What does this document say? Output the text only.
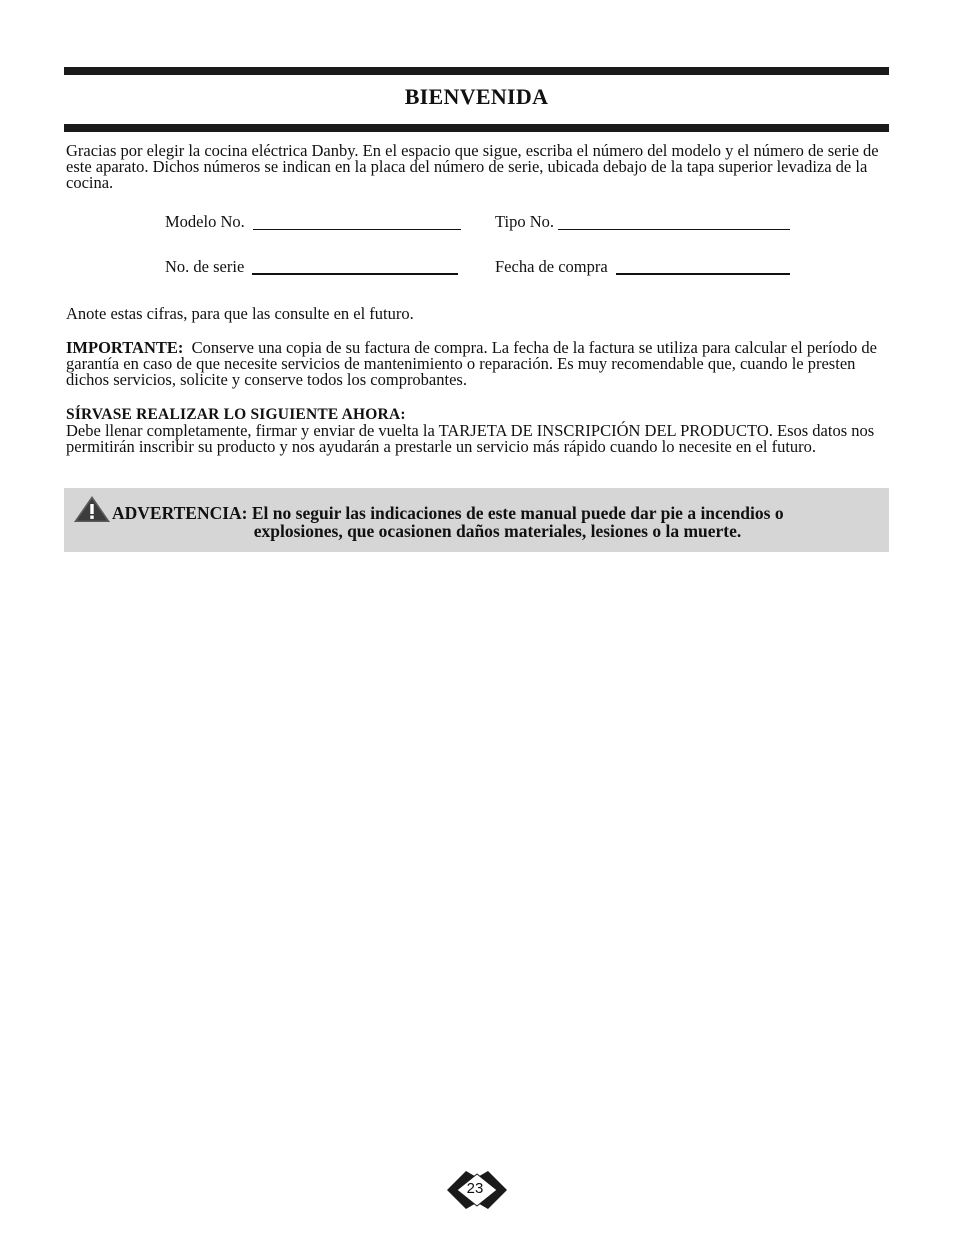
BIENVENIDA

Gracias por elegir la cocina eléctrica Danby. En el espacio que sigue, escriba el número del modelo y el número de serie de este aparato. Dichos números se indican en la placa del número de serie, ubicada debajo de la tapa superior levadiza de la cocina.

Modelo No.	Tipo No.
No. de serie	Fecha de compra

Anote estas cifras, para que las consulte en el futuro.

IMPORTANTE: Conserve una copia de su factura de compra. La fecha de la factura se utiliza para calcular el período de garantía en caso de que necesite servicios de mantenimiento o reparación. Es muy recomendable que, cuando le presten dichos servicios, solicite y conserve todos los comprobantes.

SÍRVASE REALIZAR LO SIGUIENTE AHORA:
Debe llenar completamente, firmar y enviar de vuelta la TARJETA DE INSCRIPCIÓN DEL PRODUCTO. Esos datos nos permitirán inscribir su producto y nos ayudarán a prestarle un servicio más rápido cuando lo necesite en el futuro.
ADVERTENCIA: El no seguir las indicaciones de este manual puede dar pie a incendios o
explosiones, que ocasionen daños materiales, lesiones o la muerte.
23
